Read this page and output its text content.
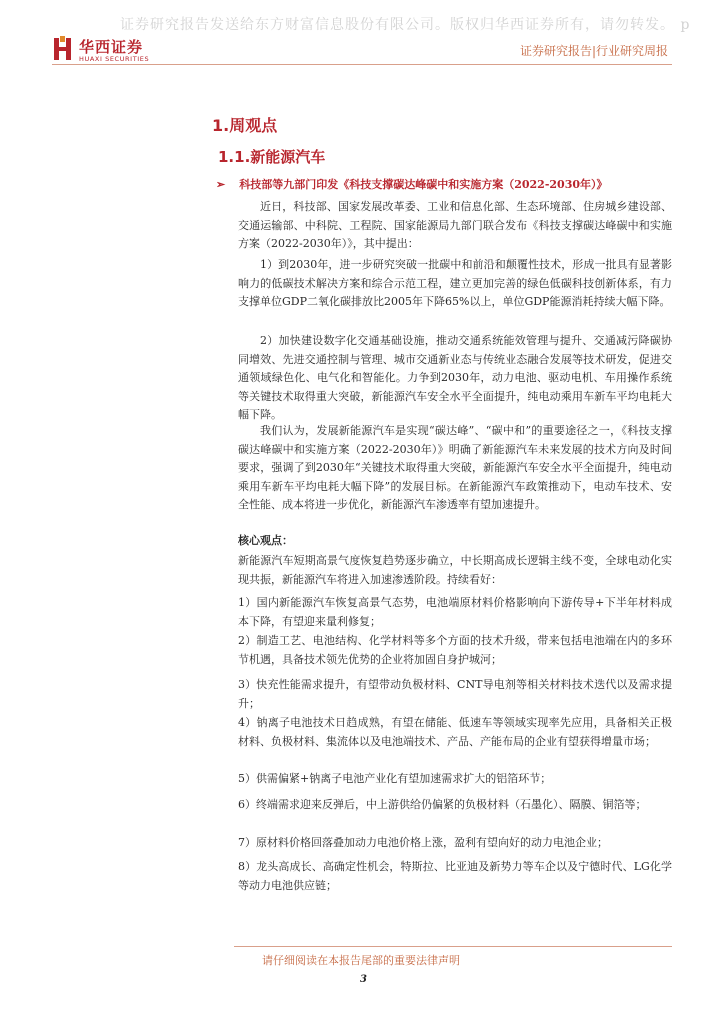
证券研究报告发送给东方财富信息股份有限公司。版权归华西证券所有，请勿转发。 p
华西证券
HUAXI SECURITIES
证券研究报告|行业研究周报
1.周观点
1.1.新能源汽车
➢ 科技部等九部门印发《科技支撑碳达峰碳中和实施方案（2022-2030年）》
近日，科技部、国家发展改革委、工业和信息化部、生态环境部、住房城乡建设部、交通运输部、中科院、工程院、国家能源局九部门联合发布《科技支撑碳达峰碳中和实施方案（2022-2030年）》，其中提出：
1）到2030年，进一步研究突破一批碳中和前沿和颠覆性技术，形成一批具有显著影响力的低碳技术解决方案和综合示范工程，建立更加完善的绿色低碳科技创新体系，有力支撑单位GDP二氧化碳排放比2005年下降65%以上，单位GDP能源消耗持续大幅下降。
2）加快建设数字化交通基础设施，推动交通系统能效管理与提升、交通减污降碳协同增效、先进交通控制与管理、城市交通新业态与传统业态融合发展等技术研发，促进交通领域绿色化、电气化和智能化。力争到2030年，动力电池、驱动电机、车用操作系统等关键技术取得重大突破，新能源汽车安全水平全面提升，纯电动乘用车新车平均电耗大幅下降。
我们认为，发展新能源汽车是实现“碳达峰”、“碳中和”的重要途径之一，《科技支撑碳达峰碳中和实施方案（2022-2030年）》明确了新能源汽车未来发展的技术方向及时间要求，强调了到2030年“关键技术取得重大突破，新能源汽车安全水平全面提升，纯电动乘用车新车平均电耗大幅下降”的发展目标。在新能源汽车政策推动下，电动车技术、安全性能、成本将进一步优化，新能源汽车渗透率有望加速提升。
核心观点：
新能源汽车短期高景气度恢复趋势逐步确立，中长期高成长逻辑主线不变，全球电动化实现共振，新能源汽车将进入加速渗透阶段。持续看好：
1）国内新能源汽车恢复高景气态势，电池端原材料价格影响向下游传导+下半年材料成本下降，有望迎来量利修复；
2）制造工艺、电池结构、化学材料等多个方面的技术升级，带来包括电池端在内的多环节机遇，具备技术领先优势的企业将加固自身护城河；
3）快充性能需求提升，有望带动负极材料、CNT导电剂等相关材料技术迭代以及需求提升；
4）钠离子电池技术日趋成熟，有望在储能、低速车等领域实现率先应用，具备相关正极材料、负极材料、集流体以及电池端技术、产品、产能布局的企业有望获得增量市场；
5）供需偏紧+钠离子电池产业化有望加速需求扩大的铝箔环节；
6）终端需求迎来反弹后，中上游供给仍偏紧的负极材料（石墨化）、隔膜、铜箔等；
7）原材料价格回落叠加动力电池价格上涨，盈利有望向好的动力电池企业；
8）龙头高成长、高确定性机会，特斯拉、比亚迪及新势力等车企以及宁德时代、LG化学等动力电池供应链；
请仔细阅读在本报告尾部的重要法律声明
3
